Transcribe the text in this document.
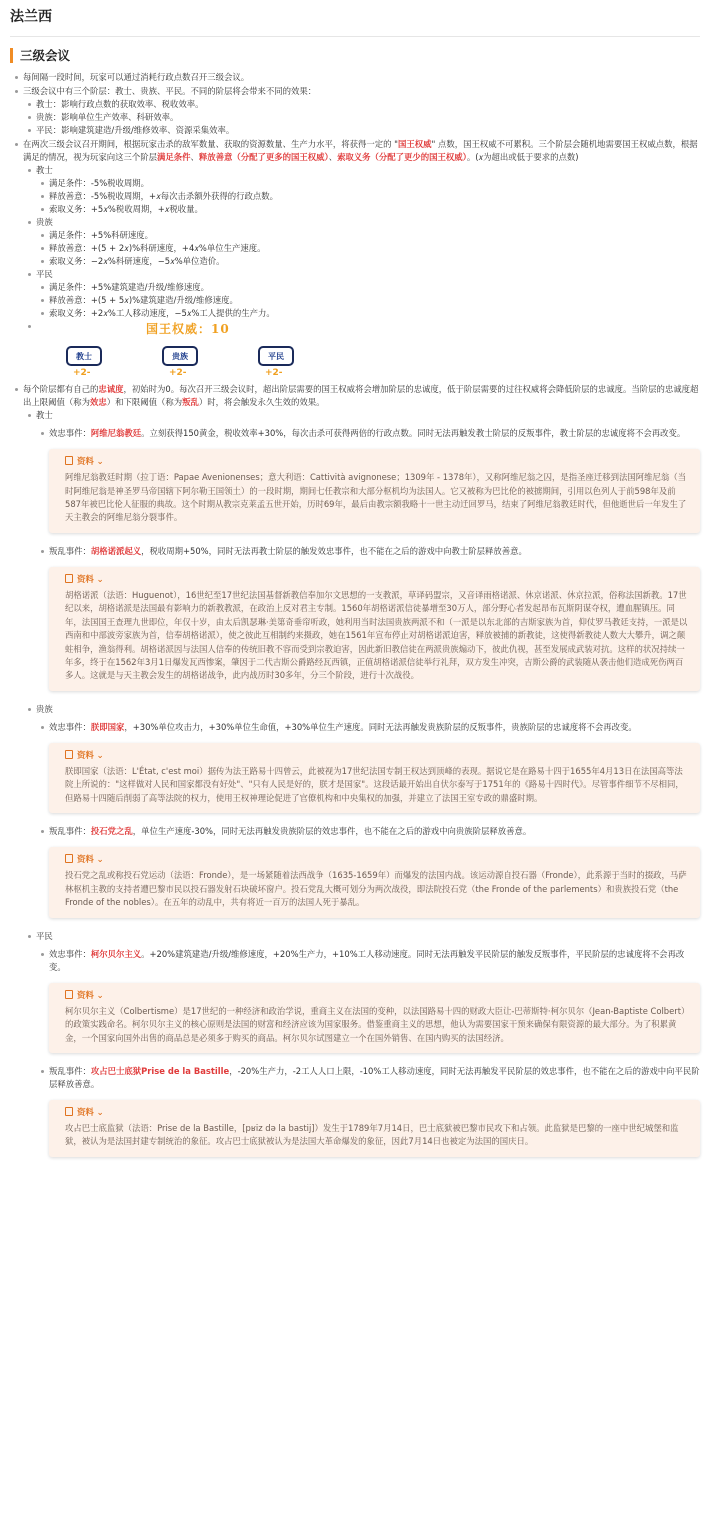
法兰西
三级会议
每间隔一段时间，玩家可以通过消耗行政点数召开三级会议。
三级会议中有三个阶层：教士、贵族、平民。不同的阶层将会带来不同的效果：
教士：影响行政点数的获取效率、税收效率。
贵族：影响单位生产效率、科研效率。
平民：影响建筑建造/升级/维修效率、资源采集效率。
在两次三级会议召开期间，根据玩家击杀的敌军数量、获取的资源数量、生产力水平，将获得一定的 "国王权威" 点数，国王权威不可累积。三个阶层会随机地需要国王权威点数，根据满足的情况，视为玩家向这三个阶层满足条件、释放善意（分配了更多的国王权威）、索取义务（分配了更少的国王权威）。(𝑥为超出或低于要求的点数)
教士
满足条件：-5%税收周期。
释放善意：-5%税收周期，+𝑥每次击杀额外获得的行政点数。
索取义务：+5𝑥%税收周期，+𝑥税收量。
贵族
满足条件：+5%科研速度。
释放善意：+(5 + 2𝑥)%科研速度，+4𝑥%单位生产速度。
索取义务：−2𝑥%科研速度，−5𝑥%单位造价。
平民
满足条件：+5%建筑建造/升级/维修速度。
释放善意：+(5 + 5𝑥)%建筑建造/升级/维修速度。
索取义务：+2𝑥%工人移动速度，−5𝑥%工人提供的生产力。
国王权威：10
教士
+2-
贵族
+2-
平民
+2-
每个阶层都有自己的忠诚度，初始时为0。每次召开三级会议时，超出阶层需要的国王权威将会增加阶层的忠诚度，低于阶层需要的过往权威将会降低阶层的忠诚度。当阶层的忠诚度超出上限阈值（称为效忠）和下限阈值（称为叛乱）时，将会触发永久生效的效果。
教士
效忠事件：阿维尼翁教廷。立刻获得150黄金，税收效率+30%，每次击杀可获得两倍的行政点数。同时无法再触发教士阶层的反叛事件，教士阶层的忠诚度将不会再改变。
资料 ⌄
阿维尼翁教廷时期（拉丁语：Papae Avenionenses；意大利语：Cattività avignonese；1309年 - 1378年），又称阿维尼翁之囚，是指圣座迁移到法国阿维尼翁（当时阿维尼翁是神圣罗马帝国辖下阿尔勒王国领土）的一段时期，期间七任教宗和大部分枢机均为法国人。它又被称为巴比伦的被掳期间，引用以色列人于前598年及前587年被巴比伦人征服的典故。这个时期从教宗克莱孟五世开始，历时69年，最后由教宗额我略十一世主动迁回罗马，结束了阿维尼翁教廷时代，但他逝世后一年发生了天主教会的阿维尼翁分裂事件。
叛乱事件：胡格诺派起义，税收周期+50%，同时无法再教士阶层的触发效忠事件，也不能在之后的游戏中向教士阶层释放善意。
资料 ⌄
胡格诺派（法语：Huguenot），16世纪至17世纪法国基督新教信奉加尔文思想的一支教派，草译码盟宗，又音译雨格诺派、休京诺派、休京拉派，俗称法国新教。17世纪以来，胡格诺派是法国最有影响力的新教教派，在政治上反对君主专制。1560年胡格诺派信徒暴增至30万人，部分野心者发起昂布瓦斯阴谋夺权，遭血腥镇压。同年，法国国王查理九世即位，年仅十岁，由太后凯瑟琳·美第奇垂帘听政，她利用当时法国贵族两派不和（一派是以东北部的吉斯家族为首，仰仗罗马教廷支持，一派是以西南和中部波旁家族为首，信奉胡格诺派），使之彼此互相制约来摄政，她在1561年宣布停止对胡格诺派迫害，释放被捕的新教徒，这使得新教徒人数大大攀升，调之颠蛀相争，渔翁得利。胡格诺派因与法国人信奉的传统旧教不容而受到宗教迫害，因此新旧教信徒在两派贵族煽动下，彼此仇视，甚至发展成武装对抗。这样的状况持续一年多，终于在1562年3月1日爆发瓦西惨案，肇因于二代吉斯公爵路经瓦西镇，正值胡格诺派信徒举行礼拜，双方发生冲突，吉斯公爵的武装随从袭击他们造成死伤两百多人。这就是与天主教会发生的胡格诺战争，此内战历时30多年，分三个阶段，进行十次战役。
贵族
效忠事件：朕即国家，+30%单位攻击力，+30%单位生命值，+30%单位生产速度。同时无法再触发贵族阶层的反叛事件，贵族阶层的忠诚度将不会再改变。
资料 ⌄
朕即国家（法语：L'État, c'est moi）据传为法王路易十四曾云，此被视为17世纪法国专制王权达到顶峰的表现。据说它是在路易十四于1655年4月13日在法国高等法院上所说的："这样做对人民和国家都没有好处"、"只有人民是好的，朕才是国家"。这段话最开始出自伏尔泰写于1751年的《路易十四时代》。尽管事件细节不尽相同，但路易十四随后削弱了高等法院的权力，使用王权神理论促进了官僚机构和中央集权的加强，并建立了法国王室专政的鼎盛时期。
叛乱事件：投石党之乱，单位生产速度-30%，同时无法再触发贵族阶层的效忠事件，也不能在之后的游戏中向贵族阶层释放善意。
资料 ⌄
投石党之乱或称投石党运动（法语：Fronde），是一场紧随着法西战争（1635-1659年）而爆发的法国内战。该运动源自投石器（Fronde），此系源于当时的掇政，马萨林枢机主教的支持者遭巴黎市民以投石器发射石块破坏窗户。投石党乱大概可划分为两次战役，即法院投石党（the Fronde of the parlements）和贵族投石党（the Fronde of the nobles）。在五年的动乱中，共有将近一百万的法国人死于暴乱。
平民
效忠事件：柯尔贝尔主义。+20%建筑建造/升级/维修速度，+20%生产力，+10%工人移动速度。同时无法再触发平民阶层的触发反叛事件，平民阶层的忠诚度将不会再改变。
资料 ⌄
柯尔贝尔主义（Colbertisme）是17世纪的一种经济和政治学说，重商主义在法国的变种，以法国路易十四的财政大臣让-巴蒂斯特·柯尔贝尔（Jean-Baptiste Colbert）的政策实践命名。柯尔贝尔主义的核心原则是法国的财富和经济应该为国家服务。借鉴重商主义的思想，他认为需要国家干预来确保有限资源的最大部分。为了积累黄金，一个国家向国外出售的商品总是必须多于购买的商品。柯尔贝尔试图建立一个在国外销售、在国内购买的法国经济。
叛乱事件：攻占巴士底狱Prise de la Bastille，-20%生产力，-2工人人口上限，-10%工人移动速度，同时无法再触发平民阶层的效忠事件，也不能在之后的游戏中向平民阶层释放善意。
资料 ⌄
攻占巴士底监狱（法语：Prise de la Bastille，[pʁiz də la bastij]）发生于1789年7月14日，巴士底狱被巴黎市民攻下和占领。此监狱是巴黎的一座中世纪城堡和监狱，被认为是法国封建专制统治的象征。攻占巴士底狱被认为是法国大革命爆发的象征，因此7月14日也被定为法国的国庆日。
